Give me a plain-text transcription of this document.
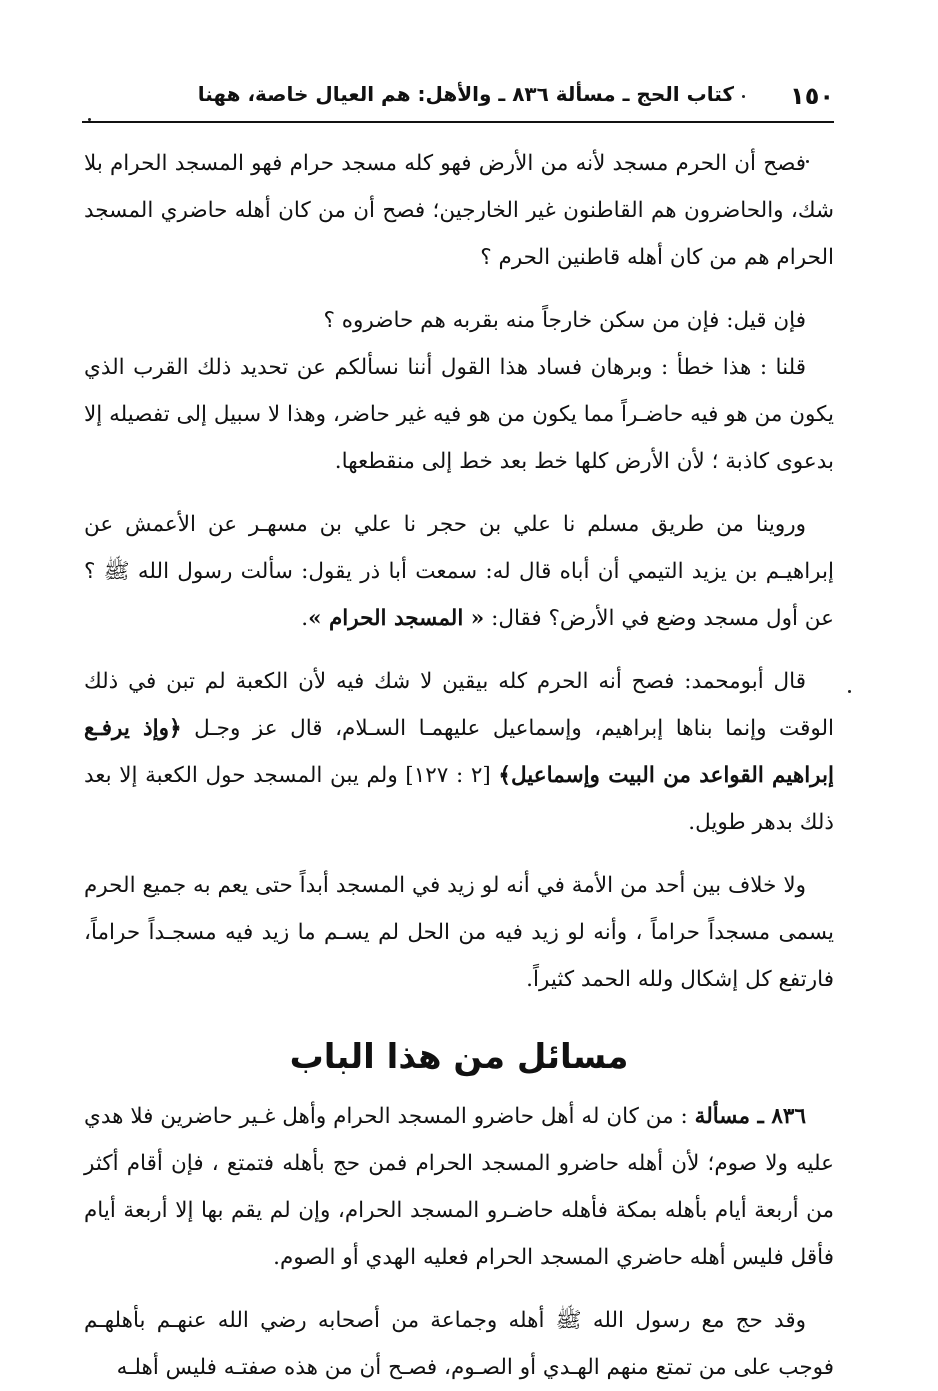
١٥٠
كتاب الحج ـ مسألة ٨٣٦ ـ والأهل: هم العيال خاصة، ههنا

فصح أن الحرم مسجد لأنه من الأرض فهو كله مسجد حرام فهو المسجد الحرام بلا شك، والحاضرون هم القاطنون غير الخارجين؛ فصح أن من كان أهله حاضري المسجد الحرام هم من كان أهله قاطنين الحرم ؟

فإن قيل: فإن من سكن خارجاً منه بقربه هم حاضروه ؟

قلنا : هذا خطأ : وبرهان فساد هذا القول أننا نسألكم عن تحديد ذلك القرب الذي يكون من هو فيه حاضـراً مما يكون من هو فيه غير حاضر، وهذا لا سبيل إلى تفصيله إلا بدعوى كاذبة ؛ لأن الأرض كلها خط بعد خط إلى منقطعها.

وروينا من طريق مسلم نا علي بن حجر نا علي بن مسهـر عن الأعمش عن إبراهيـم بن يزيد التيمي أن أباه قال له: سمعت أبا ذر يقول: سألت رسول الله ﷺ ؟ عن أول مسجد وضع في الأرض؟ فقال: « المسجد الحرام ».

قال أبومحمد: فصح أنه الحرم كله بيقين لا شك فيه لأن الكعبة لم تبن في ذلك الوقت وإنما بناها إبراهيم، وإسماعيل عليهمـا السـلام، قال عز وجـل ﴿وإذ يرفـع إبراهيم القواعد من البيت وإسماعيل﴾ [٢ : ١٢٧] ولم يبن المسجد حول الكعبة إلا بعد ذلك بدهر طويل.

ولا خلاف بين أحد من الأمة في أنه لو زيد في المسجد أبداً حتى يعم به جميع الحرم يسمى مسجداً حراماً ، وأنه لو زيد فيه من الحل لم يسـم ما زيد فيه مسجـداً حراماً، فارتفع كل إشكال ولله الحمد كثيراً.

مسائل من هذا الباب

٨٣٦ ـ مسألة : من كان له أهل حاضرو المسجد الحرام وأهل غـير حاضرين فلا هدي عليه ولا صوم؛ لأن أهله حاضرو المسجد الحرام فمن حج بأهله فتمتع ، فإن أقام أكثر من أربعة أيام بأهله بمكة فأهله حاضـرو المسجد الحرام، وإن لم يقم بها إلا أربعة أيام فأقل فليس أهله حاضري المسجد الحرام فعليه الهدي أو الصوم.

وقد حج مع رسول الله ﷺ أهله وجماعة من أصحابه رضي الله عنهـم بأهلهـم فوجب على من تمتع منهم الهـدي أو الصـوم، فصـح أن من هذه صفتـه فليس أهلـه
